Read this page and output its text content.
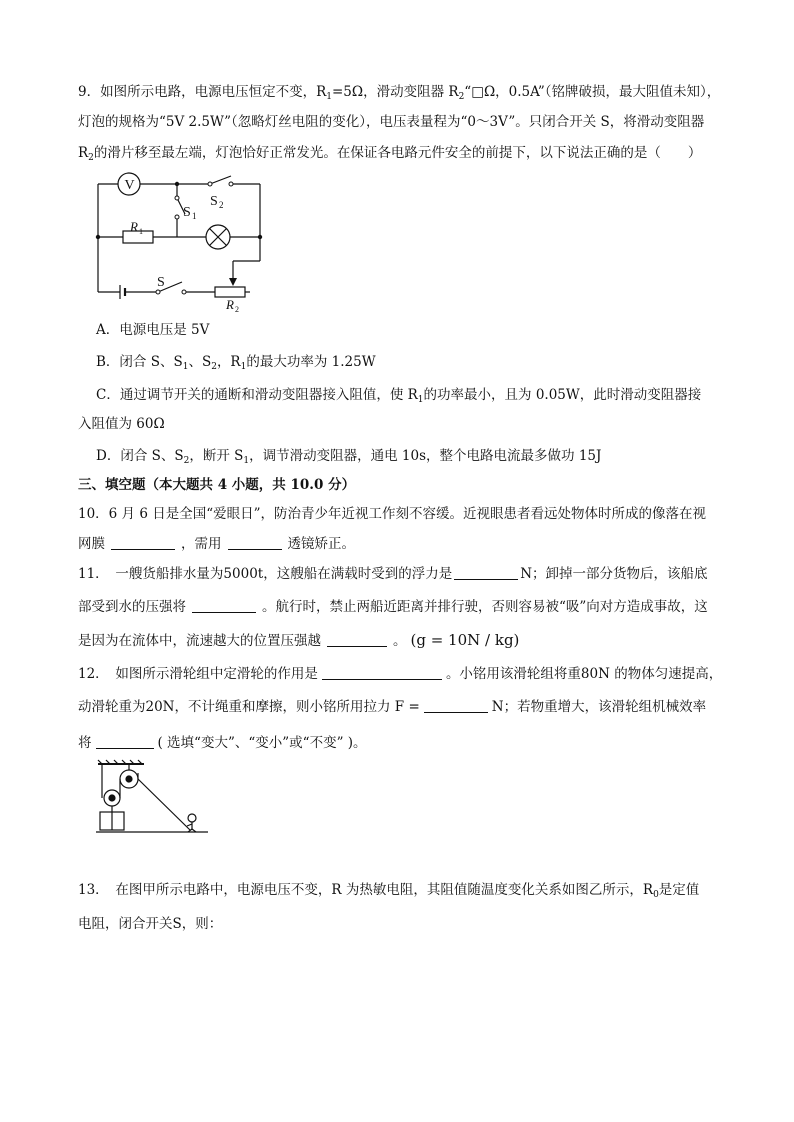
9．如图所示电路，电源电压恒定不变，$R_1=5\Omega$，滑动变阻器 $R_2“□\Omega$，0.5A”（铭牌破损，最大阻值未知），
灯泡的规格为“5V 2.5W”（忽略灯丝电阻的变化），电压表量程为“0～3V”。只闭合开关 S，将滑动变阻器
$R_2$的滑片移至最左端，灯泡恰好正常发光。在保证各电路元件安全的前提下，以下说法正确的是（　　）
V
S 2
S 1
R 1
S
R 2
A．电源电压是 5V
B．闭合 S、$S_1$、$S_2$，$R_1$的最大功率为 1.25W
C．通过调节开关的通断和滑动变阻器接入阻值，使 $R_1$的功率最小，且为 0.05W，此时滑动变阻器接
入阻值为 60Ω
D．闭合 S、$S_2$，断开 $S_1$，调节滑动变阻器，通电 10s，整个电路电流最多做功 15J
三、填空题（本大题共 4 小题，共 10.0 分）
10．6 月 6 日是全国“爱眼日”，防治青少年近视工作刻不容缓。近视眼患者看远处物体时所成的像落在视
网膜	，需用	透镜矫正。
11．　一艘货船排水量为5000t，这艘船在满载时受到的浮力是	N；卸掉一部分货物后，该船底
部受到水的压强将	。航行时，禁止两船近距离并排行驶，否则容易被“吸”向对方造成事故，这
是因为在流体中，流速越大的位置压强越	。 (g = 10N / kg)
12．　如图所示滑轮组中定滑轮的作用是	。小铭用该滑轮组将重80N 的物体匀速提高，
动滑轮重为20N，不计绳重和摩擦，则小铭所用拉力 F =	N；若物重增大，该滑轮组机械效率
将	( 选填“变大”、“变小”或“不变” )。
13．　在图甲所示电路中，电源电压不变，R 为热敏电阻，其阻值随温度变化关系如图乙所示，$R_0$是定值
电阻，闭合开关S，则：
